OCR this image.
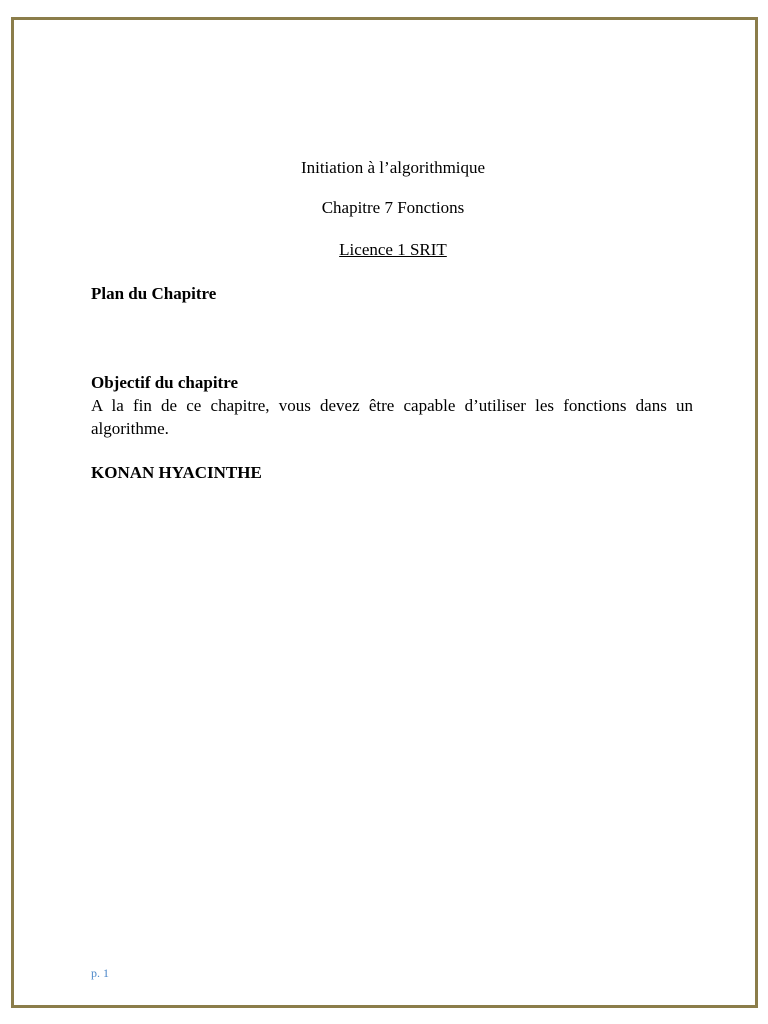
Initiation à l’algorithmique
Chapitre 7 Fonctions
Licence 1 SRIT
Plan du Chapitre
Objectif du chapitre
A la fin de ce chapitre, vous devez être capable d’utiliser les fonctions dans un algorithme.
KONAN HYACINTHE
p. 1
